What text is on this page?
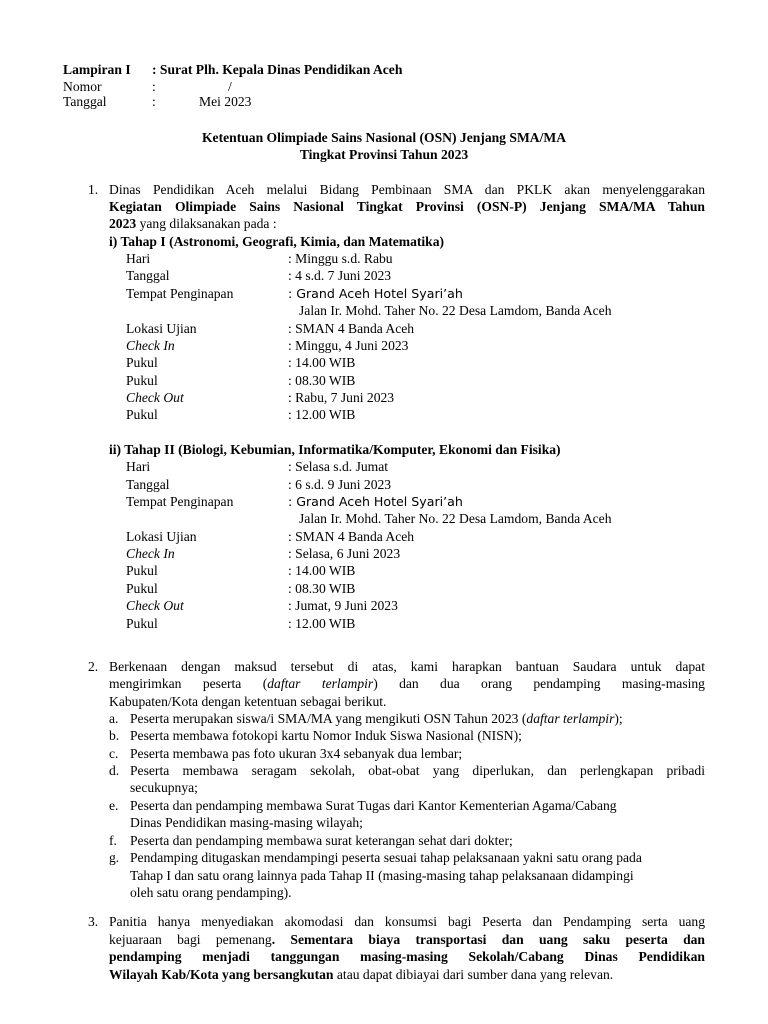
Lampiran I : Surat Plh. Kepala Dinas Pendidikan Aceh
Nomor	:	/
Tanggal	:	Mei 2023
Ketentuan Olimpiade Sains Nasional (OSN) Jenjang SMA/MA
Tingkat Provinsi Tahun 2023
1. Dinas Pendidikan Aceh melalui Bidang Pembinaan SMA dan PKLK akan menyelenggarakan
Kegiatan Olimpiade Sains Nasional Tingkat Provinsi (OSN-P) Jenjang SMA/MA Tahun
2023 yang dilaksanakan pada :
i) Tahap I (Astronomi, Geografi, Kimia, dan Matematika)
Hari	: Minggu s.d. Rabu
Tanggal	: 4 s.d. 7 Juni 2023
Tempat Penginapan	: Grand Aceh Hotel Syari’ah
Jalan Ir. Mohd. Taher No. 22 Desa Lamdom, Banda Aceh
Lokasi Ujian	: SMAN 4 Banda Aceh
Check In	: Minggu, 4 Juni 2023
Pukul	: 14.00 WIB
Pukul	: 08.30 WIB
Check Out	: Rabu, 7 Juni 2023
Pukul	: 12.00 WIB
ii) Tahap II (Biologi, Kebumian, Informatika/Komputer, Ekonomi dan Fisika)
Hari	: Selasa s.d. Jumat
Tanggal	: 6 s.d. 9 Juni 2023
Tempat Penginapan	: Grand Aceh Hotel Syari’ah
Jalan Ir. Mohd. Taher No. 22 Desa Lamdom, Banda Aceh
Lokasi Ujian	: SMAN 4 Banda Aceh
Check In	: Selasa, 6 Juni 2023
Pukul	: 14.00 WIB
Pukul	: 08.30 WIB
Check Out	: Jumat, 9 Juni 2023
Pukul	: 12.00 WIB
2. Berkenaan dengan maksud tersebut di atas, kami harapkan bantuan Saudara untuk dapat
mengirimkan peserta (daftar terlampir) dan dua orang pendamping masing-masing
Kabupaten/Kota dengan ketentuan sebagai berikut.
a. Peserta merupakan siswa/i SMA/MA yang mengikuti OSN Tahun 2023 (daftar terlampir);
b. Peserta membawa fotokopi kartu Nomor Induk Siswa Nasional (NISN);
c. Peserta membawa pas foto ukuran 3x4 sebanyak dua lembar;
d. Peserta membawa seragam sekolah, obat-obat yang diperlukan, dan perlengkapan pribadi
secukupnya;
e. Peserta dan pendamping membawa Surat Tugas dari Kantor Kementerian Agama/Cabang
Dinas Pendidikan masing-masing wilayah;
f. Peserta dan pendamping membawa surat keterangan sehat dari dokter;
g. Pendamping ditugaskan mendampingi peserta sesuai tahap pelaksanaan yakni satu orang pada
Tahap I dan satu orang lainnya pada Tahap II (masing-masing tahap pelaksanaan didampingi
oleh satu orang pendamping).
3. Panitia hanya menyediakan akomodasi dan konsumsi bagi Peserta dan Pendamping serta uang
kejuaraan bagi pemenang. Sementara biaya transportasi dan uang saku peserta dan
pendamping menjadi tanggungan masing-masing Sekolah/Cabang Dinas Pendidikan
Wilayah Kab/Kota yang bersangkutan atau dapat dibiayai dari sumber dana yang relevan.
